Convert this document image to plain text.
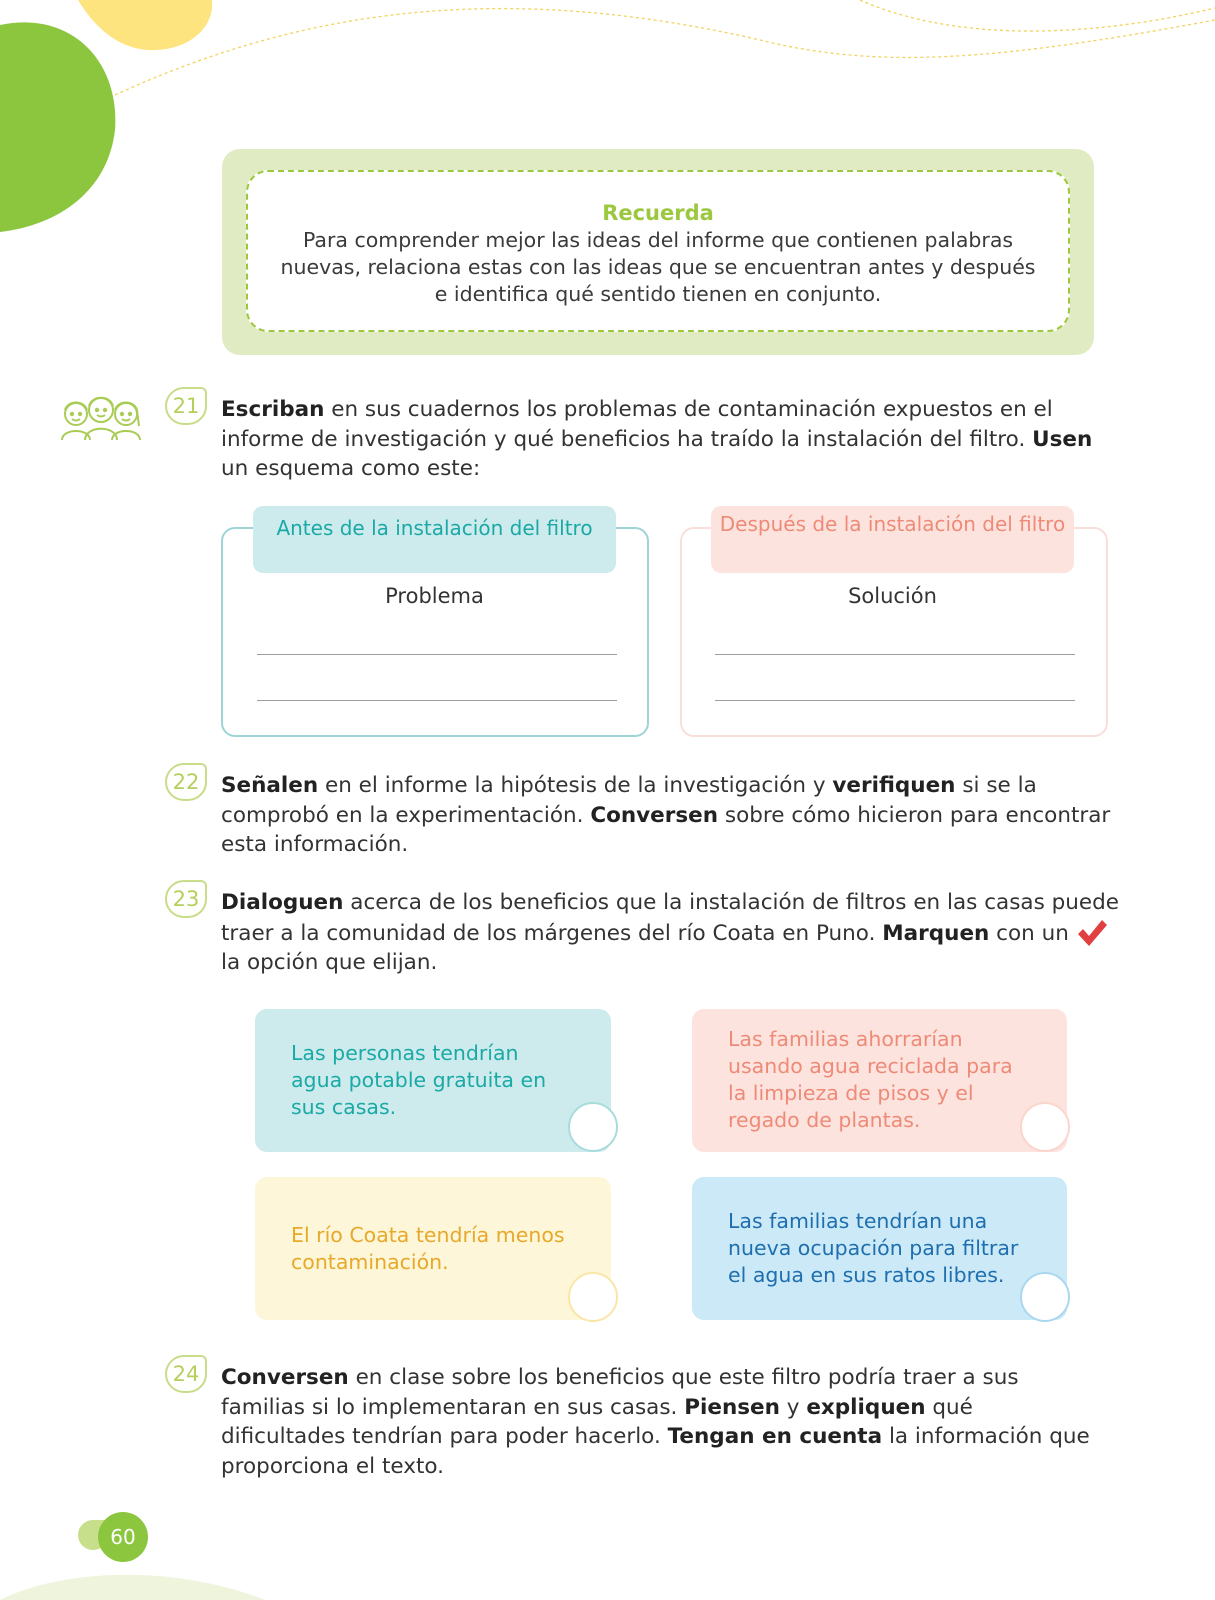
Recuerda
Para comprender mejor las ideas del informe que contienen palabras nuevas, relaciona estas con las ideas que se encuentran antes y después e identifica qué sentido tienen en conjunto.
21	Escriban en sus cuadernos los problemas de contaminación expuestos en el informe de investigación y qué beneficios ha traído la instalación del filtro. Usen un esquema como este:
Antes de la instalación del filtro
Problema
Después de la instalación del filtro
Solución
22	Señalen en el informe la hipótesis de la investigación y verifiquen si se la comprobó en la experimentación. Conversen sobre cómo hicieron para encontrar esta información.
23	Dialoguen acerca de los beneficios que la instalación de filtros en las casas puede traer a la comunidad de los márgenes del río Coata en Puno. Marquen con un  la opción que elijan.
Las personas tendrían agua potable gratuita en sus casas.
Las familias ahorrarían usando agua reciclada para la limpieza de pisos y el regado de plantas.
El río Coata tendría menos contaminación.
Las familias tendrían una nueva ocupación para filtrar el agua en sus ratos libres.
24	Conversen en clase sobre los beneficios que este filtro podría traer a sus familias si lo implementaran en sus casas. Piensen y expliquen qué dificultades tendrían para poder hacerlo. Tengan en cuenta la información que proporciona el texto.
60
